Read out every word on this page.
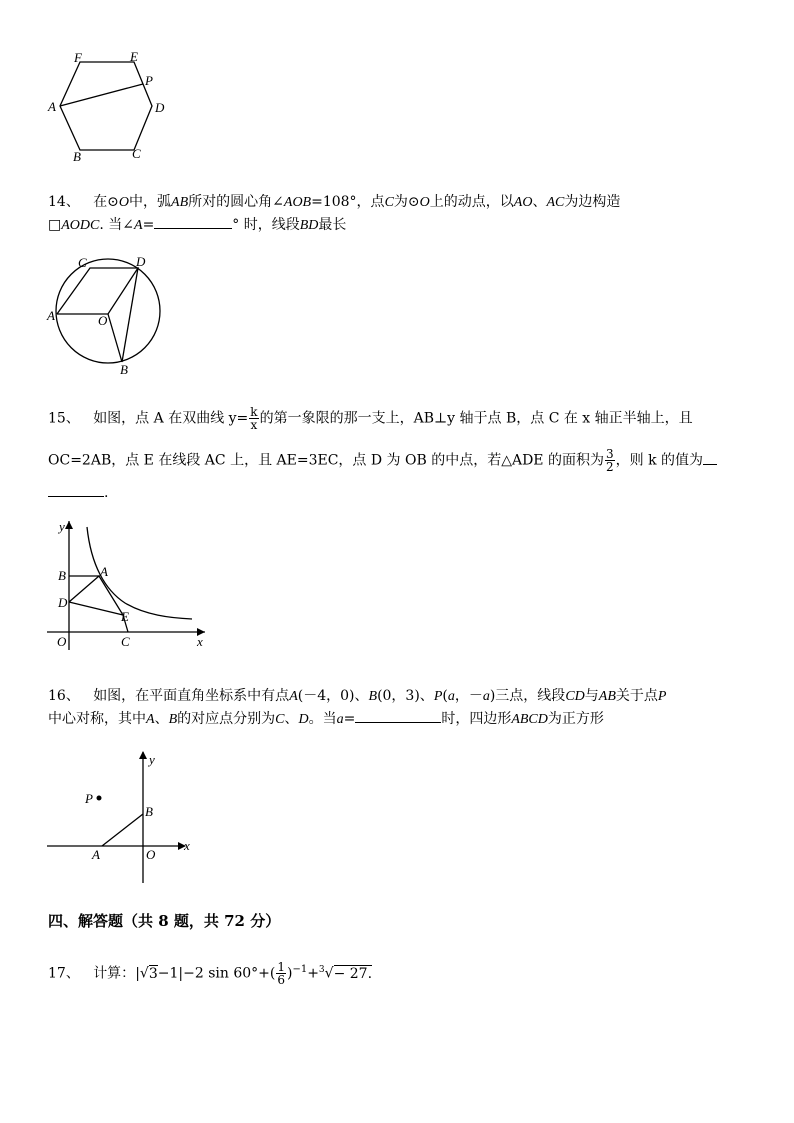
F	E
P
A	D
B	C
14、 在⊙O中，弧AB所对的圆心角∠AOB=108°，点C为⊙O上的动点，以AO、AC为边构造
□AODC. 当∠A=	° 时，线段BD最长
C	D
A	O
B
15、 如图，点 A 在双曲线 $y= \frac{k}{x}$ 的第一象限的那一支上，AB⊥y 轴于点 B，点 C 在 x 轴正半轴上，且
OC=2AB，点 E 在线段 AC 上，且 AE=3EC，点 D 为 OB 的中点，若△ADE 的面积为 $\frac{3}{2}$ ，则 k 的值为
.
y
B	A
D
E
O	C	x
16、 如图，在平面直角坐标系中有点A(－4，0)、B(0，3)、P(a，－a)三点，线段CD与AB关于点P
中心对称，其中A、B的对应点分别为C、D。当a=	时，四边形ABCD为正方形
y
P
B
A	O
x
四、解答题（共 8 题，共 72 分）
17、 计算：|√3−1|−2 $\sin 60^\circ+( \frac{1}{6} )^{-1}+^3√- 27$.
